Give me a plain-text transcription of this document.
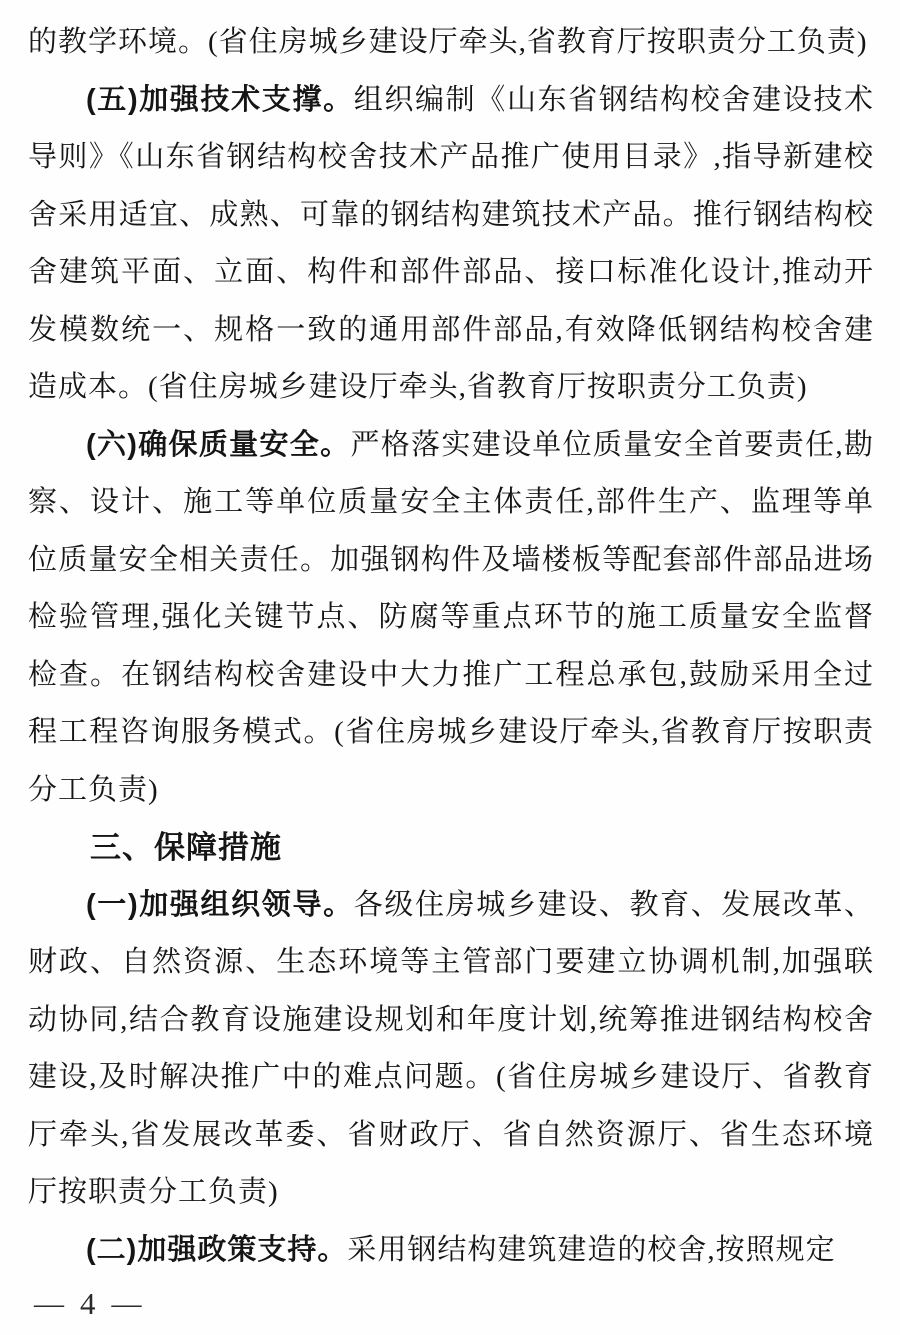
的教学环境。(省住房城乡建设厅牵头,省教育厅按职责分工负责)

(五)加强技术支撑。组织编制《山东省钢结构校舍建设技术导则》《山东省钢结构校舍技术产品推广使用目录》,指导新建校舍采用适宜、成熟、可靠的钢结构建筑技术产品。推行钢结构校舍建筑平面、立面、构件和部件部品、接口标准化设计,推动开发模数统一、规格一致的通用部件部品,有效降低钢结构校舍建造成本。(省住房城乡建设厅牵头,省教育厅按职责分工负责)

(六)确保质量安全。严格落实建设单位质量安全首要责任,勘察、设计、施工等单位质量安全主体责任,部件生产、监理等单位质量安全相关责任。加强钢构件及墙楼板等配套部件部品进场检验管理,强化关键节点、防腐等重点环节的施工质量安全监督检查。在钢结构校舍建设中大力推广工程总承包,鼓励采用全过程工程咨询服务模式。(省住房城乡建设厅牵头,省教育厅按职责分工负责)

三、保障措施

(一)加强组织领导。各级住房城乡建设、教育、发展改革、财政、自然资源、生态环境等主管部门要建立协调机制,加强联动协同,结合教育设施建设规划和年度计划,统筹推进钢结构校舍建设,及时解决推广中的难点问题。(省住房城乡建设厅、省教育厅牵头,省发展改革委、省财政厅、省自然资源厅、省生态环境厅按职责分工负责)

(二)加强政策支持。采用钢结构建筑建造的校舍,按照规定

— 4 —
